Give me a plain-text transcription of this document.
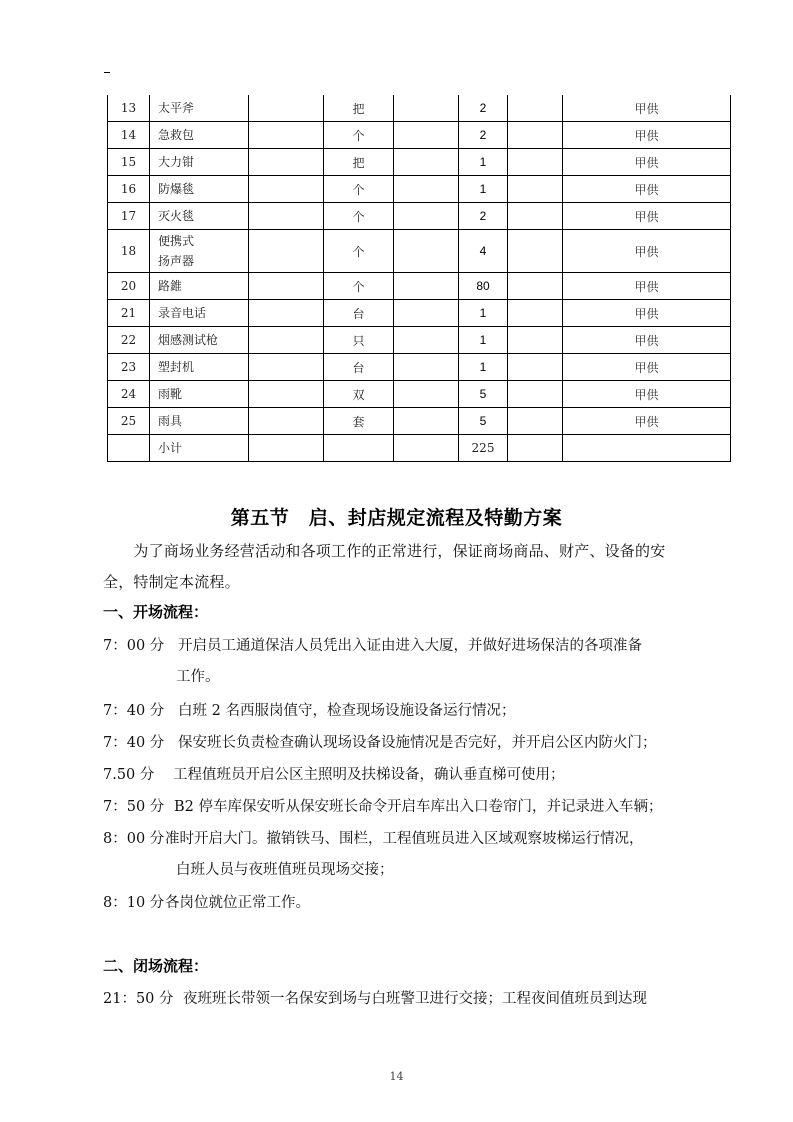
13	太平斧		把		2		甲供
14	急救包		个		2		甲供
15	大力钳		把		1		甲供
16	防爆毯		个		1		甲供
17	灭火毯		个		2		甲供
18	便携式
扬声器		个		4		甲供
20	路錐		个		80		甲供
21	录音电话		台		1		甲供
22	烟感测试枪		只		1		甲供
23	塑封机		台		1		甲供
24	雨靴		双		5		甲供
25	雨具		套		5		甲供
	小计				225		
第五节　启、封店规定流程及特勤方案
　　为了商场业务经营活动和各项工作的正常进行，保证商场商品、财产、设备的安
全，特制定本流程。
一、开场流程：
7：00 分 开启员工通道保洁人员凭出入证由进入大厦，并做好进场保洁的各项准备
工作。
7：40 分 白班 2 名西服岗值守，检查现场设施设备运行情况；
7：40 分 保安班长负责检查确认现场设备设施情况是否完好，并开启公区内防火门；
7.50 分 工程值班员开启公区主照明及扶梯设备，确认垂直梯可使用；
7：50 分 B2 停车库保安听从保安班长命令开启车库出入口卷帘门，并记录进入车辆；
8：00 分准时开启大门。撤销铁马、围栏，工程值班员进入区域观察坡梯运行情况，
白班人员与夜班值班员现场交接；
8：10 分各岗位就位正常工作。
二、闭场流程：
21：50 分 夜班班长带领一名保安到场与白班警卫进行交接；工程夜间值班员到达现
14
